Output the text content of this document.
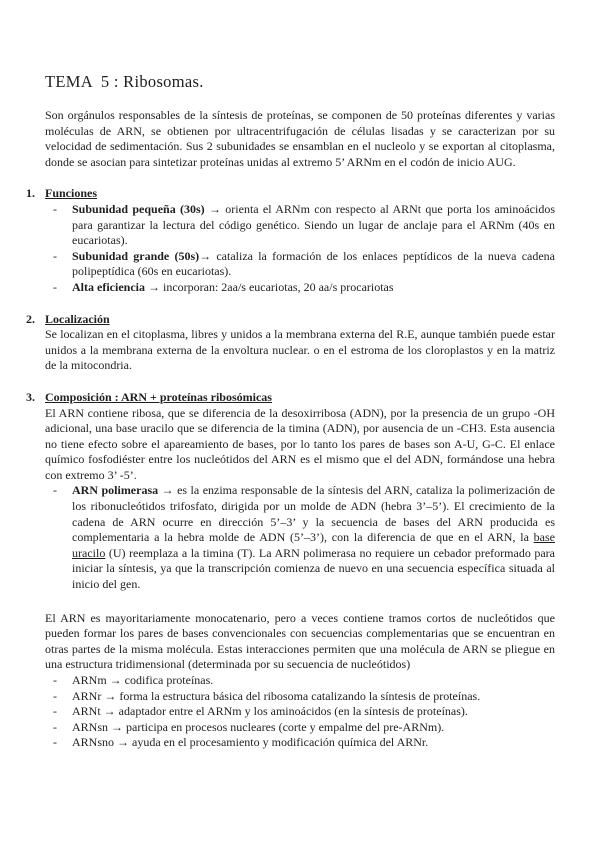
TEMA  5 : Ribosomas.

Son orgánulos responsables de la síntesis de proteínas, se componen de 50 proteínas diferentes y varias moléculas de ARN, se obtienen por ultracentrifugación de células lisadas y se caracterizan por su velocidad de sedimentación. Sus 2 subunidades se ensamblan en el nucleolo y se exportan al citoplasma, donde se asocian para sintetizar proteínas unidas al extremo 5’ ARNm en el codón de inicio AUG.

1. Funciones
- Subunidad pequeña (30s) → orienta el ARNm con respecto al ARNt que porta los aminoácidos para garantizar la lectura del código genético. Siendo un lugar de anclaje para el ARNm (40s en eucariotas).
- Subunidad grande (50s)→ cataliza la formación de los enlaces peptídicos de la nueva cadena polipeptídica (60s en eucariotas).
- Alta eficiencia → incorporan: 2aa/s eucariotas, 20 aa/s procariotas
2. Localización

Se localizan en el citoplasma, libres y unidos a la membrana externa del R.E, aunque también puede estar unidos a la membrana externa de la envoltura nuclear. o en el estroma de los cloroplastos y en la matriz de la mitocondria.

3. Composición : ARN + proteínas ribosómicas

El ARN contiene ribosa, que se diferencia de la desoxirribosa (ADN), por la presencia de un grupo -OH adicional, una base uracilo que se diferencia de la timina (ADN), por ausencia de un -CH3. Esta ausencia no tiene efecto sobre el apareamiento de bases, por lo tanto los pares de bases son A-U, G-C. El enlace químico fosfodiéster entre los nucleótidos del ARN es el mismo que el del ADN, formándose una hebra con extremo 3’ -5’.

- ARN polimerasa → es la enzima responsable de la síntesis del ARN, cataliza la polimerización de los ribonucleótidos trifosfato, dirigida por un molde de ADN (hebra 3’–5’). El crecimiento de la cadena de ARN ocurre en dirección 5’–3’ y la secuencia de bases del ARN producida es complementaria a la hebra molde de ADN (5’–3’), con la diferencia de que en el ARN, la base uracilo (U) reemplaza a la timina (T). La ARN polimerasa no requiere un cebador preformado para iniciar la síntesis, ya que la transcripción comienza de nuevo en una secuencia específica situada al inicio del gen.

El ARN es mayoritariamente monocatenario, pero a veces contiene tramos cortos de nucleótidos que pueden formar los pares de bases convencionales con secuencias complementarias que se encuentran en otras partes de la misma molécula. Estas interacciones permiten que una molécula de ARN se pliegue en una estructura tridimensional (determinada por su secuencia de nucleótidos)

- ARNm → codifica proteínas.
- ARNr → forma la estructura básica del ribosoma catalizando la síntesis de proteínas.
- ARNt → adaptador entre el ARNm y los aminoácidos (en la síntesis de proteínas).
- ARNsn → participa en procesos nucleares (corte y empalme del pre-ARNm).
- ARNsno → ayuda en el procesamiento y modificación química del ARNr.
